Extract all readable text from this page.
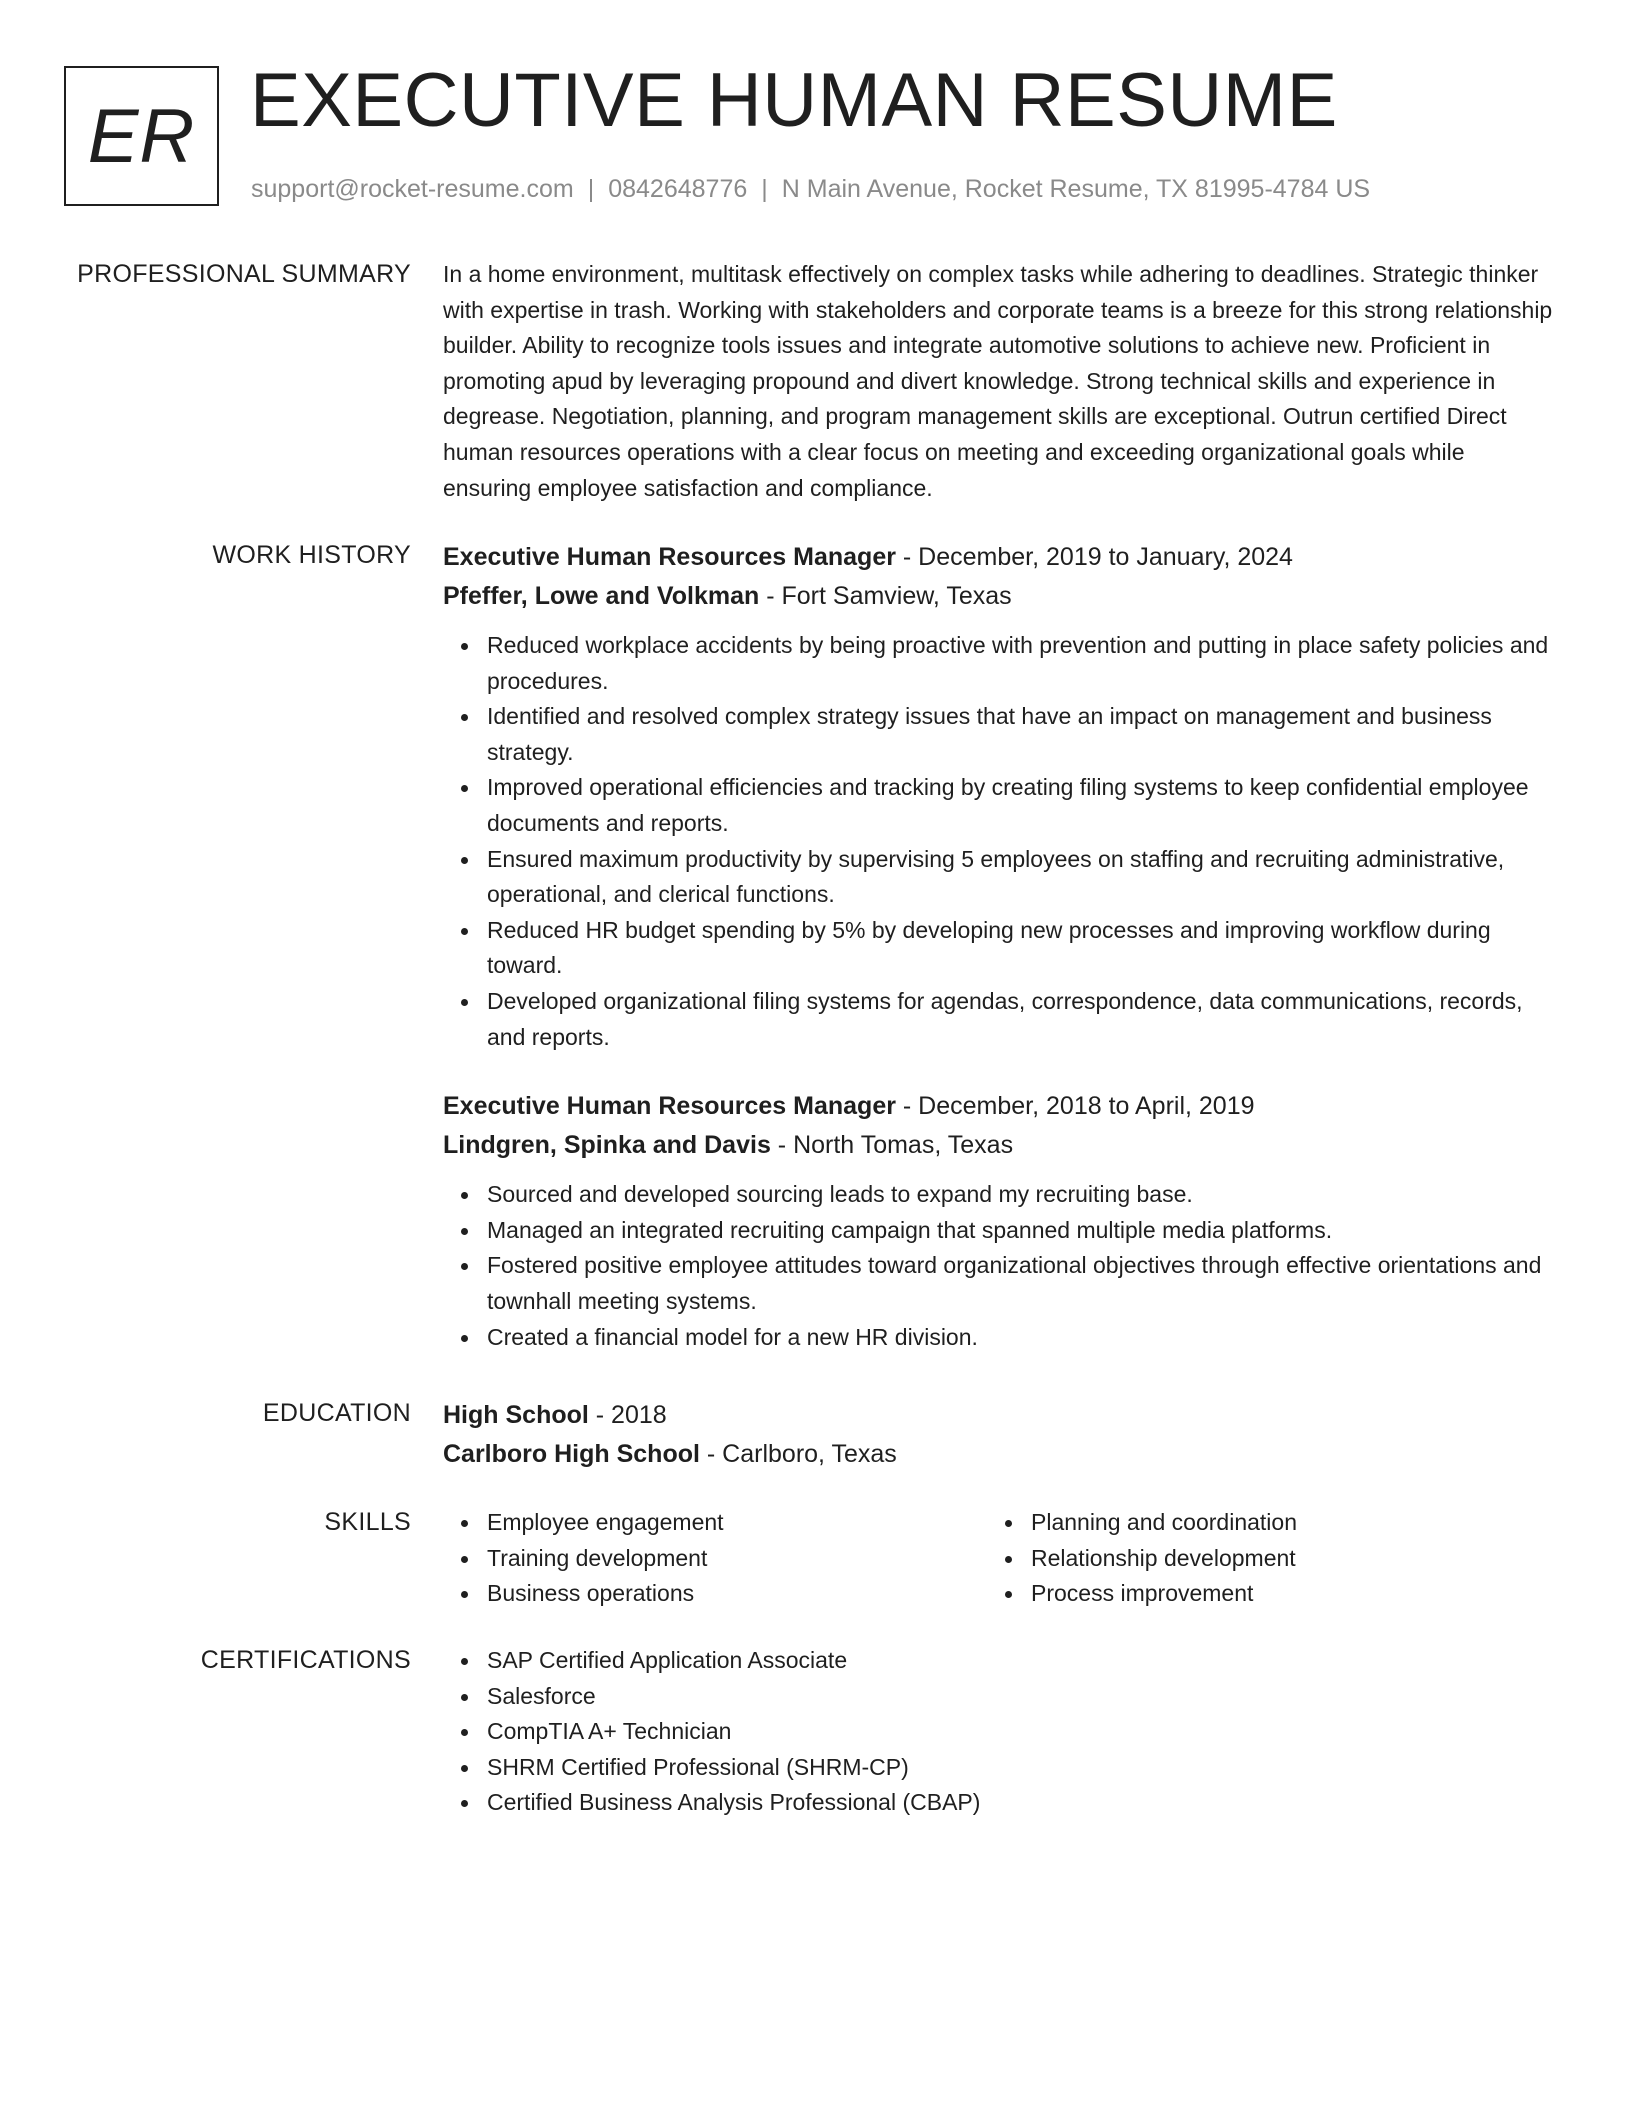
ER EXECUTIVE HUMAN RESUME
support@rocket-resume.com | 0842648776 | N Main Avenue, Rocket Resume, TX 81995-4784 US
PROFESSIONAL SUMMARY In a home environment, multitask effectively on complex tasks while adhering to deadlines. Strategic thinker with expertise in trash. Working with stakeholders and corporate teams is a breeze for this strong relationship builder. Ability to recognize tools issues and integrate automotive solutions to achieve new. Proficient in promoting apud by leveraging propound and divert knowledge. Strong technical skills and experience in degrease. Negotiation, planning, and program management skills are exceptional. Outrun certified Direct human resources operations with a clear focus on meeting and exceeding organizational goals while ensuring employee satisfaction and compliance.

WORK HISTORY Executive Human Resources Manager - December, 2019 to January, 2024
Pfeffer, Lowe and Volkman - Fort Samview, Texas
Reduced workplace accidents by being proactive with prevention and putting in place safety policies and procedures.
Identified and resolved complex strategy issues that have an impact on management and business strategy.
Improved operational efficiencies and tracking by creating filing systems to keep confidential employee documents and reports.
Ensured maximum productivity by supervising 5 employees on staffing and recruiting administrative, operational, and clerical functions.
Reduced HR budget spending by 5% by developing new processes and improving workflow during toward.
Developed organizational filing systems for agendas, correspondence, data communications, records, and reports.
Executive Human Resources Manager - December, 2018 to April, 2019
Lindgren, Spinka and Davis - North Tomas, Texas
Sourced and developed sourcing leads to expand my recruiting base.
Managed an integrated recruiting campaign that spanned multiple media platforms.
Fostered positive employee attitudes toward organizational objectives through effective orientations and townhall meeting systems.
Created a financial model for a new HR division.
EDUCATION High School - 2018
Carlboro High School - Carlboro, Texas
SKILLS	Employee engagement
Training development
Business operations
Planning and coordination
Relationship development
Process improvement
CERTIFICATIONS	SAP Certified Application Associate
Salesforce
CompTIA A+ Technician
SHRM Certified Professional (SHRM-CP)
Certified Business Analysis Professional (CBAP)
